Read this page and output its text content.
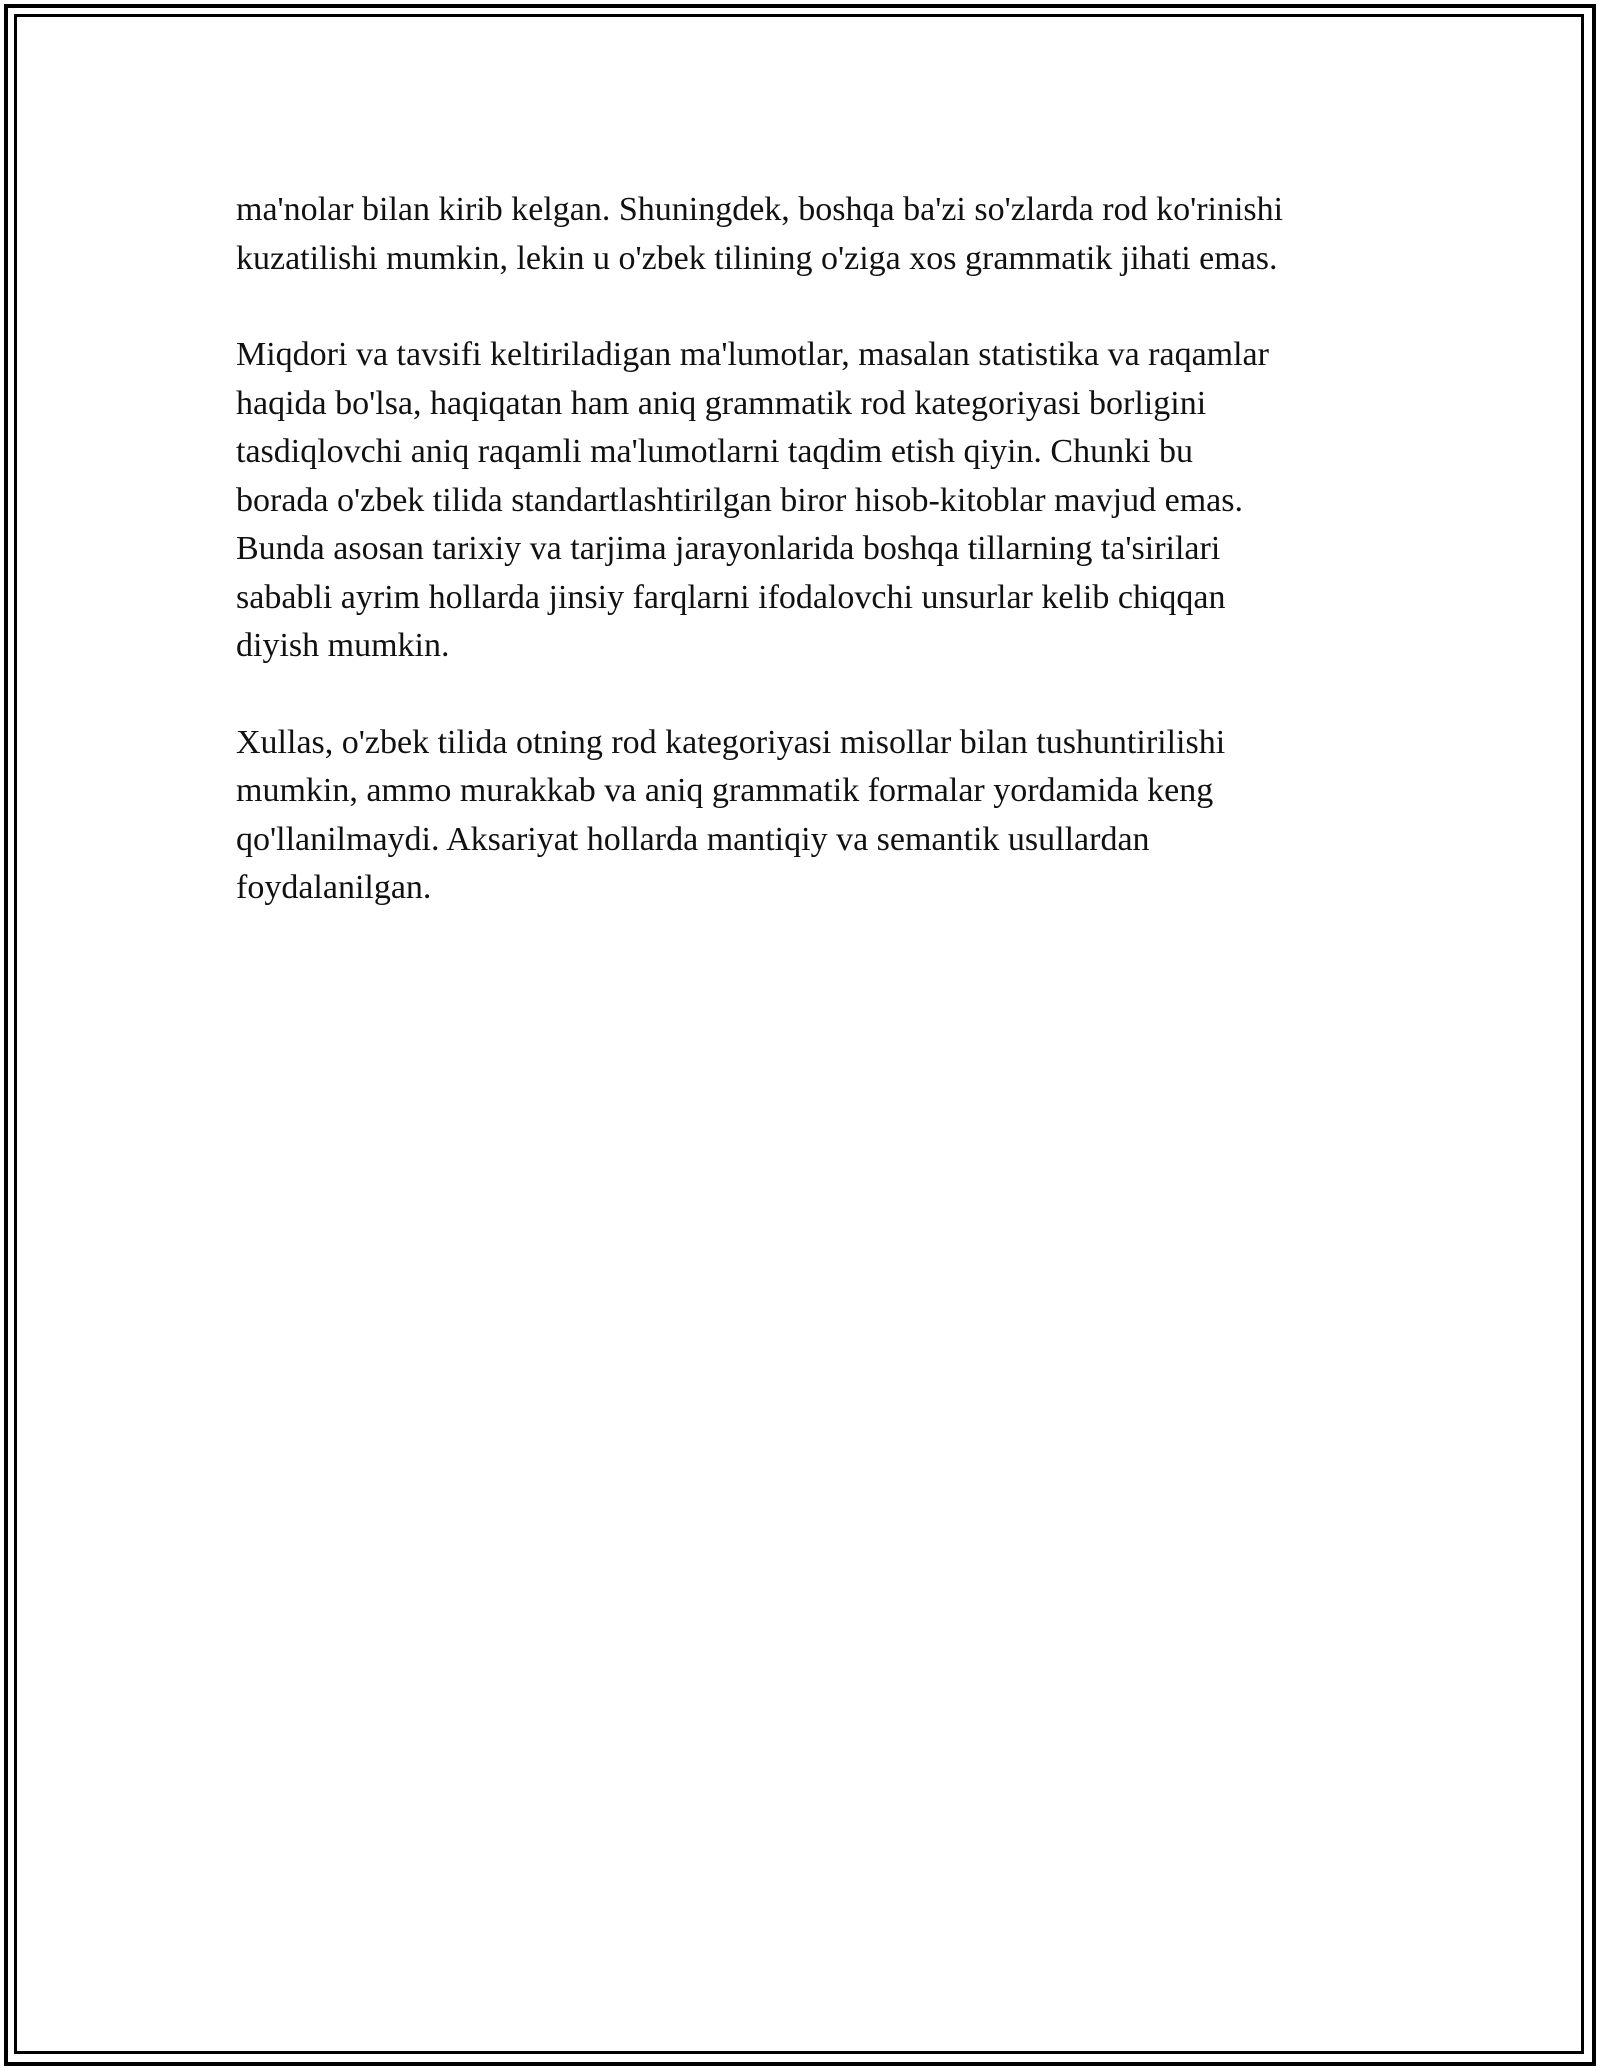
ma'nolar bilan kirib kelgan. Shuningdek, boshqa ba'zi so'zlarda rod ko'rinishi
kuzatilishi mumkin, lekin u o'zbek tilining o'ziga xos grammatik jihati emas.

Miqdori va tavsifi keltiriladigan ma'lumotlar, masalan statistika va raqamlar
haqida bo'lsa, haqiqatan ham aniq grammatik rod kategoriyasi borligini
tasdiqlovchi aniq raqamli ma'lumotlarni taqdim etish qiyin. Chunki bu
borada o'zbek tilida standartlashtirilgan biror hisob-kitoblar mavjud emas.
Bunda asosan tarixiy va tarjima jarayonlarida boshqa tillarning ta'sirilari
sababli ayrim hollarda jinsiy farqlarni ifodalovchi unsurlar kelib chiqqan
diyish mumkin.

Xullas, o'zbek tilida otning rod kategoriyasi misollar bilan tushuntirilishi
mumkin, ammo murakkab va aniq grammatik formalar yordamida keng
qo'llanilmaydi. Aksariyat hollarda mantiqiy va semantik usullardan
foydalanilgan.
